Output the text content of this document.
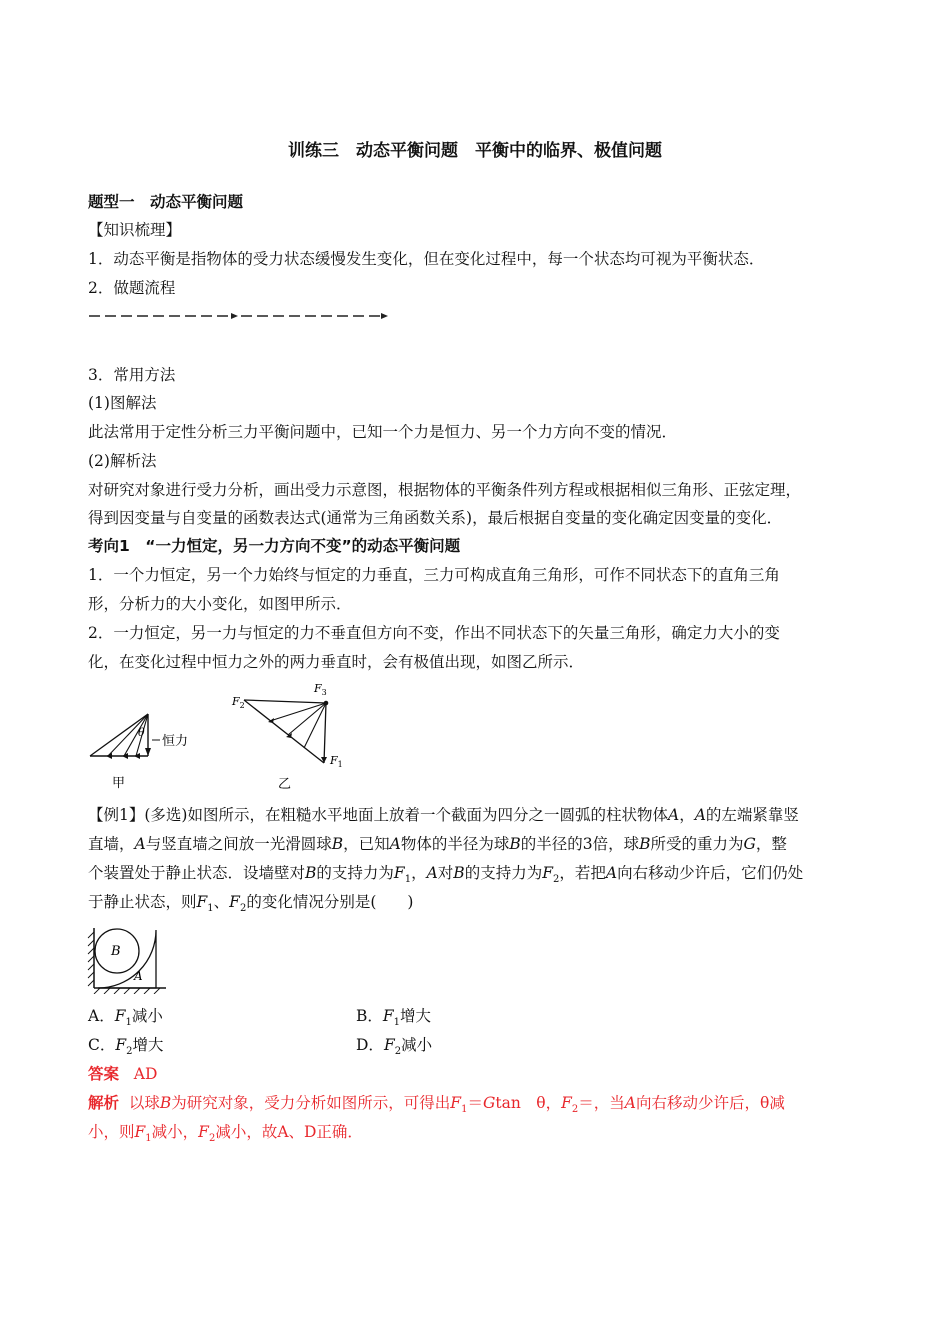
训练三　动态平衡问题　平衡中的临界、极值问题
题型一　动态平衡问题
【知识梳理】
1．动态平衡是指物体的受力状态缓慢发生变化，但在变化过程中，每一个状态均可视为平衡状态．
2．做题流程
3．常用方法
(1)图解法
此法常用于定性分析三力平衡问题中，已知一个力是恒力、另一个力方向不变的情况．
(2)解析法
对研究对象进行受力分析，画出受力示意图，根据物体的平衡条件列方程或根据相似三角形、正弦定理，
得到因变量与自变量的函数表达式(通常为三角函数关系)，最后根据自变量的变化确定因变量的变化．
考向1　“一力恒定，另一力方向不变”的动态平衡问题
1．一个力恒定，另一个力始终与恒定的力垂直，三力可构成直角三角形，可作不同状态下的直角三角
形，分析力的大小变化，如图甲所示．
2．一力恒定，另一力与恒定的力不垂直但方向不变，作出不同状态下的矢量三角形，确定力大小的变
化，在变化过程中恒力之外的两力垂直时，会有极值出现，如图乙所示．
θ
恒力
甲
$F_2$
$F_3$
$F_1$
乙
【例1】(多选)如图所示，在粗糙水平地面上放着一个截面为四分之一圆弧的柱状物体A，A的左端紧靠竖
直墙，A与竖直墙之间放一光滑圆球B，已知A物体的半径为球B的半径的3倍，球B所受的重力为G，整
个装置处于静止状态．设墙壁对B的支持力为$F_1$，A对B的支持力为$F_2$，若把A向右移动少许后，它们仍处
于静止状态，则$F_1$、$F_2$的变化情况分别是(　　)
B
A
A．$F_1$减小	B．$F_1$增大
C．$F_2$增大	D．$F_2$减小
答案 AD
解析 以球B为研究对象，受力分析如图所示，可得出$F_1=Gtan$　θ，$F_2=$，当A向右移动少许后，θ减
小，则$F_1$减小，$F_2$减小，故A、D正确．
